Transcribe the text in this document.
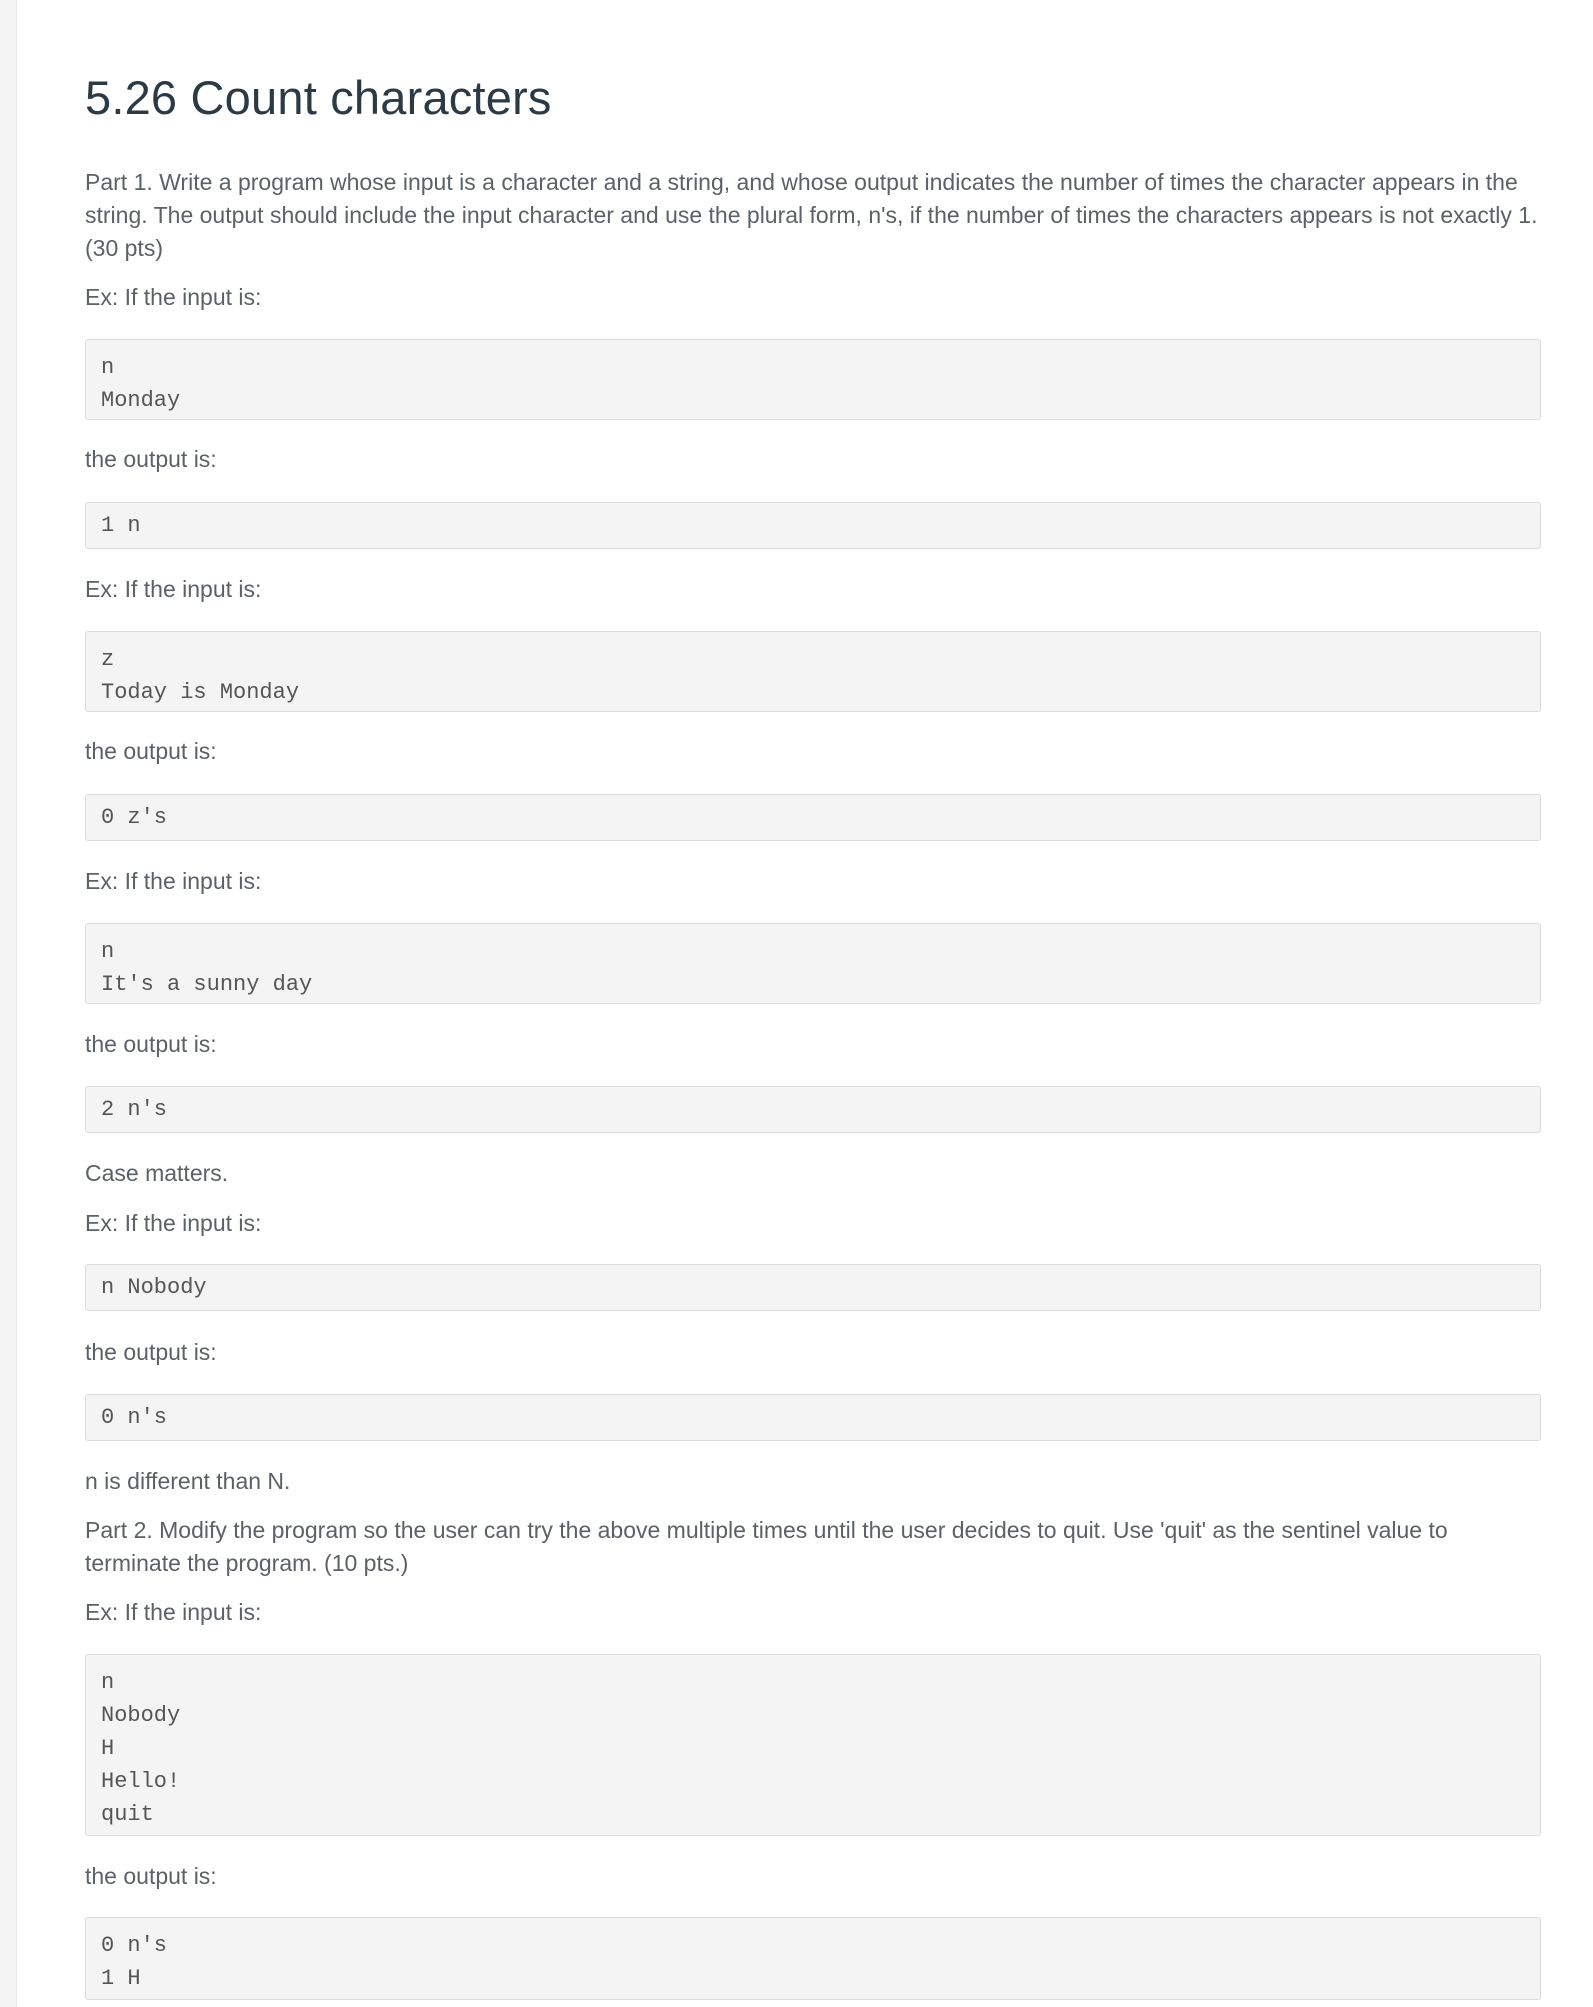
5.26 Count characters
Part 1. Write a program whose input is a character and a string, and whose output indicates the number of times the character appears in the string. The output should include the input character and use the plural form, n's, if the number of times the characters appears is not exactly 1. (30 pts)
Ex: If the input is:
n
Monday
the output is:
1 n
Ex: If the input is:
z
Today is Monday
the output is:
0 z's
Ex: If the input is:
n
It's a sunny day
the output is:
2 n's
Case matters.
Ex: If the input is:
n Nobody
the output is:
0 n's
n is different than N.
Part 2. Modify the program so the user can try the above multiple times until the user decides to quit. Use 'quit' as the sentinel value to terminate the program. (10 pts.)
Ex: If the input is:
n
Nobody
H
Hello!
quit
the output is:
0 n's
1 H
